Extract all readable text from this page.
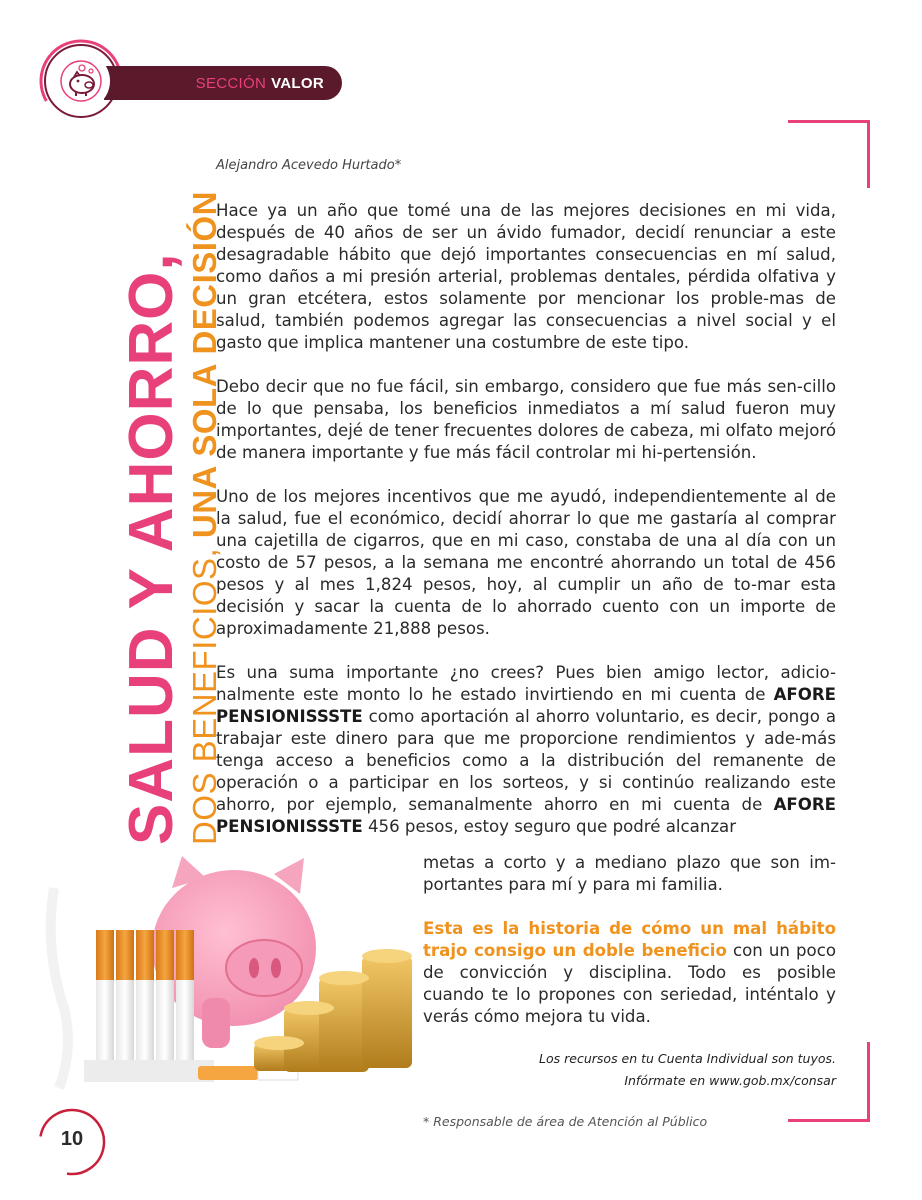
SECCIÓN VALOR
SALUD Y AHORRO, DOS BENEFICIOS, UNA SOLA DECISIÓN
Alejandro Acevedo Hurtado*

Hace ya un año que tomé una de las mejores decisiones en mi vida, después de 40 años de ser un ávido fumador, decidí renunciar a este desagradable hábito que dejó importantes consecuencias en mí salud, como daños a mi presión arterial, problemas dentales, pérdida olfativa y un gran etcétera, estos solamente por mencionar los proble-mas de salud, también podemos agregar las consecuencias a nivel social y el gasto que implica mantener una costumbre de este tipo.

Debo decir que no fue fácil, sin embargo, considero que fue más sen-cillo de lo que pensaba, los beneficios inmediatos a mí salud fueron muy importantes, dejé de tener frecuentes dolores de cabeza, mi olfato mejoró de manera importante y fue más fácil controlar mi hi-pertensión.

Uno de los mejores incentivos que me ayudó, independientemente al de la salud, fue el económico, decidí ahorrar lo que me gastaría al comprar una cajetilla de cigarros, que en mi caso, constaba de una al día con un costo de 57 pesos, a la semana me encontré ahorrando un total de 456 pesos y al mes 1,824 pesos, hoy, al cumplir un año de to-mar esta decisión y sacar la cuenta de lo ahorrado cuento con un importe de aproximadamente 21,888 pesos.

Es una suma importante ¿no crees? Pues bien amigo lector, adicio-nalmente este monto lo he estado invirtiendo en mi cuenta de AFORE PENSIONISSSTE como aportación al ahorro voluntario, es decir, pongo a trabajar este dinero para que me proporcione rendimientos y ade-más tenga acceso a beneficios como a la distribución del remanente de operación o a participar en los sorteos, y si continúo realizando este ahorro, por ejemplo, semanalmente ahorro en mi cuenta de AFORE PENSIONISSSTE 456 pesos, estoy seguro que podré alcanzar

metas a corto y a mediano plazo que son im-portantes para mí y para mi familia.

Esta es la historia de cómo un mal hábito trajo consigo un doble beneficio con un poco de convicción y disciplina. Todo es posible cuando te lo propones con seriedad, inténtalo y verás cómo mejora tu vida.

Los recursos en tu Cuenta Individual son tuyos.
Infórmate en www.gob.mx/consar
* Responsable de área de Atención al Público
10
